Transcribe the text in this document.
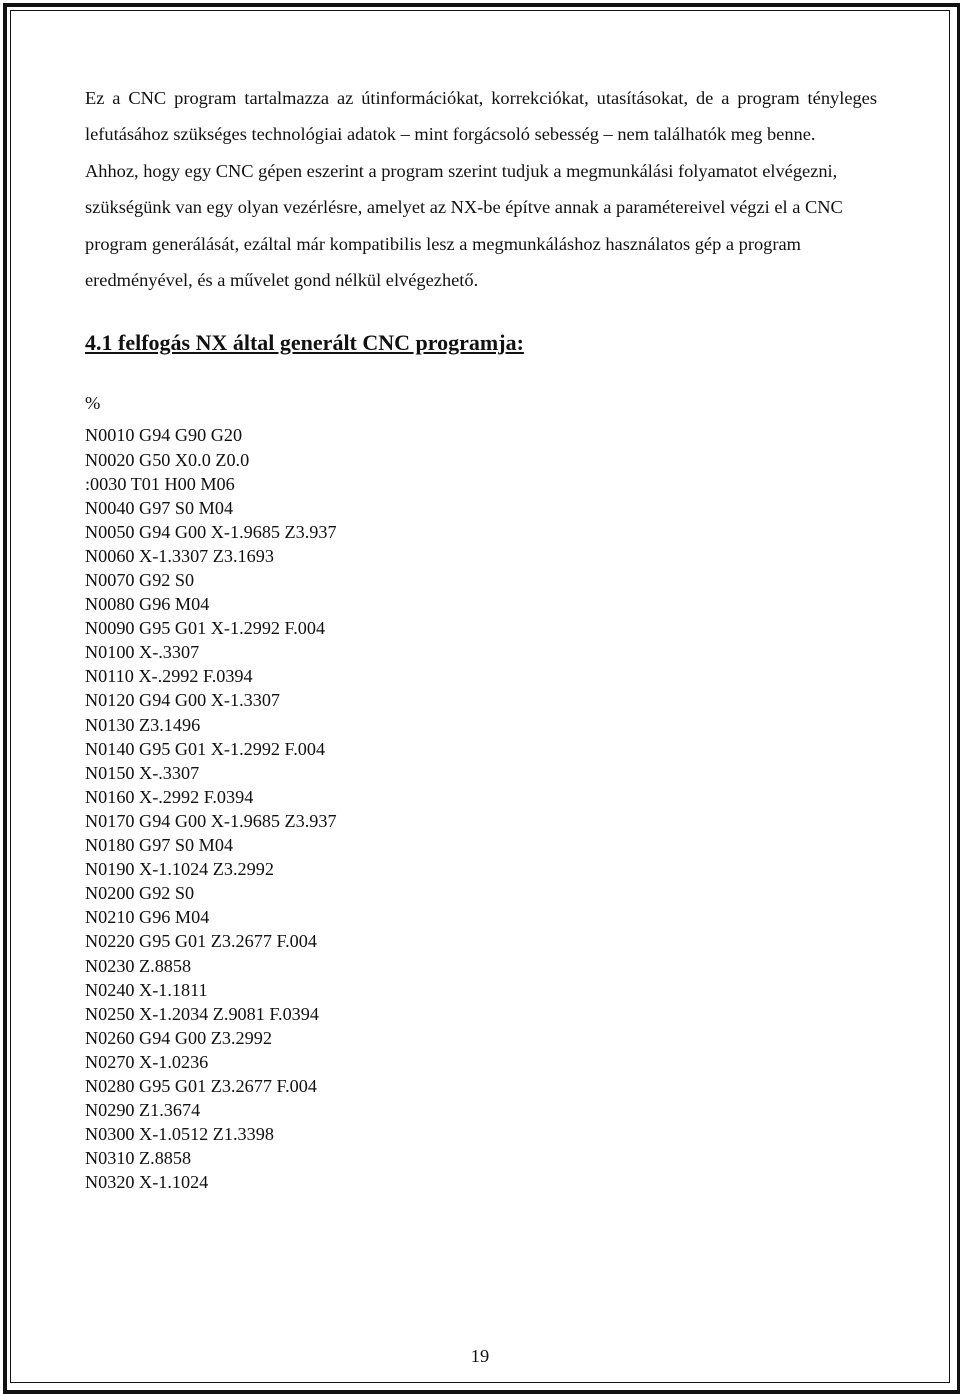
Ez a CNC program tartalmazza az útinformációkat, korrekciókat, utasításokat, de a program tényleges lefutásához szükséges technológiai adatok – mint forgácsoló sebesség – nem találhatók meg benne.

Ahhoz, hogy egy CNC gépen eszerint a program szerint tudjuk a megmunkálási folyamatot elvégezni, szükségünk van egy olyan vezérlésre, amelyet az NX-be építve annak a paramétereivel végzi el a CNC program generálását, ezáltal már kompatibilis lesz a megmunkáláshoz használatos gép a program eredményével, és a művelet gond nélkül elvégezhető.

4.1 felfogás NX által generált CNC programja:

%

N0010 G94 G90 G20
N0020 G50 X0.0 Z0.0
:0030 T01 H00 M06
N0040 G97 S0 M04
N0050 G94 G00 X-1.9685 Z3.937
N0060 X-1.3307 Z3.1693
N0070 G92 S0
N0080 G96 M04
N0090 G95 G01 X-1.2992 F.004
N0100 X-.3307
N0110 X-.2992 F.0394
N0120 G94 G00 X-1.3307
N0130 Z3.1496
N0140 G95 G01 X-1.2992 F.004
N0150 X-.3307
N0160 X-.2992 F.0394
N0170 G94 G00 X-1.9685 Z3.937
N0180 G97 S0 M04
N0190 X-1.1024 Z3.2992
N0200 G92 S0
N0210 G96 M04
N0220 G95 G01 Z3.2677 F.004
N0230 Z.8858
N0240 X-1.1811
N0250 X-1.2034 Z.9081 F.0394
N0260 G94 G00 Z3.2992
N0270 X-1.0236
N0280 G95 G01 Z3.2677 F.004
N0290 Z1.3674
N0300 X-1.0512 Z1.3398
N0310 Z.8858
N0320 X-1.1024
19
